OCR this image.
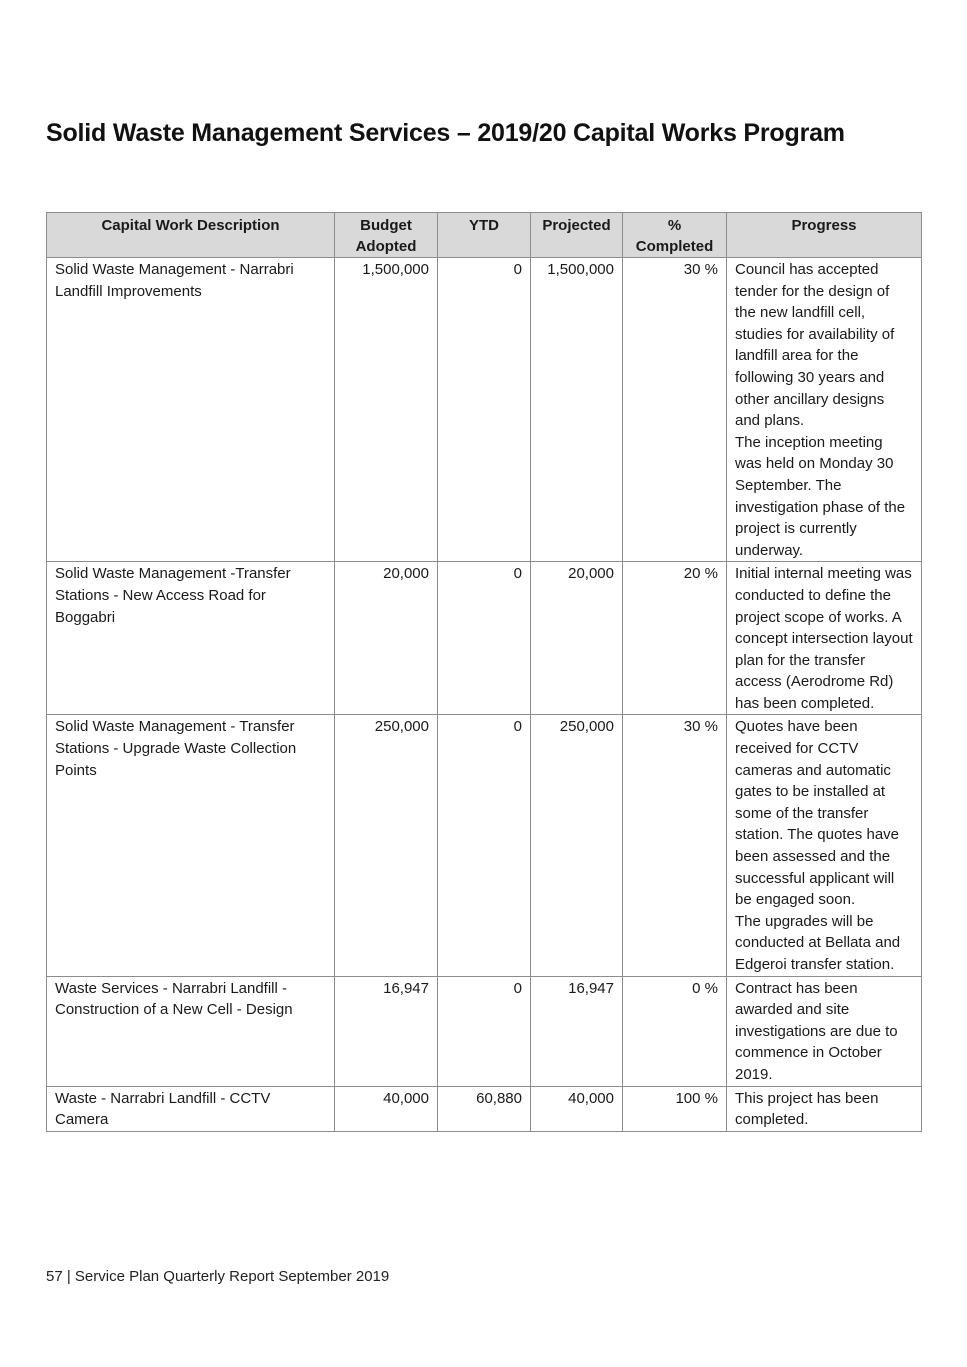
Solid Waste Management Services – 2019/20 Capital Works Program
Capital Work Description	Budget Adopted	YTD	Projected	% Completed	Progress
Solid Waste Management - Narrabri Landfill Improvements	1,500,000	0	1,500,000	30 %	Council has accepted tender for the design of the new landfill cell, studies for availability of landfill area for the following 30 years and other ancillary designs and plans.
The inception meeting was held on Monday 30 September. The investigation phase of the project is currently underway.

Solid Waste Management -Transfer Stations - New Access Road for Boggabri	20,000	0	20,000	20 %	Initial internal meeting was conducted to define the project scope of works. A concept intersection layout plan for the transfer access (Aerodrome Rd) has been completed.

Solid Waste Management - Transfer Stations - Upgrade Waste Collection Points	250,000	0	250,000	30 %	Quotes have been received for CCTV cameras and automatic gates to be installed at some of the transfer station. The quotes have been assessed and the successful applicant will be engaged soon.
The upgrades will be conducted at Bellata and Edgeroi transfer station.

Waste Services - Narrabri Landfill - Construction of a New Cell - Design	16,947	0	16,947	0 %	Contract has been awarded and site investigations are due to commence in October 2019.

Waste - Narrabri Landfill - CCTV Camera	40,000	60,880	40,000	100 %	This project has been completed.
57 | Service Plan Quarterly Report September 2019
